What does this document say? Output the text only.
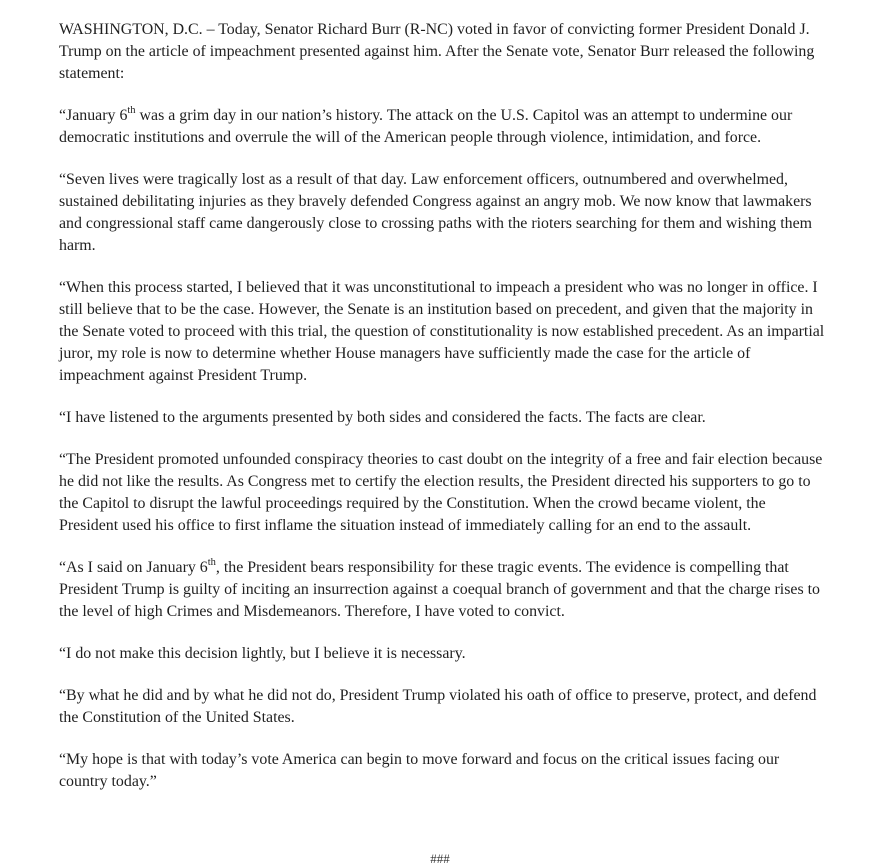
WASHINGTON, D.C. – Today, Senator Richard Burr (R-NC) voted in favor of convicting former President Donald J. Trump on the article of impeachment presented against him. After the Senate vote, Senator Burr released the following statement:

“January 6th was a grim day in our nation’s history. The attack on the U.S. Capitol was an attempt to undermine our democratic institutions and overrule the will of the American people through violence, intimidation, and force.

“Seven lives were tragically lost as a result of that day. Law enforcement officers, outnumbered and overwhelmed, sustained debilitating injuries as they bravely defended Congress against an angry mob. We now know that lawmakers and congressional staff came dangerously close to crossing paths with the rioters searching for them and wishing them harm.

“When this process started, I believed that it was unconstitutional to impeach a president who was no longer in office. I still believe that to be the case. However, the Senate is an institution based on precedent, and given that the majority in the Senate voted to proceed with this trial, the question of constitutionality is now established precedent. As an impartial juror, my role is now to determine whether House managers have sufficiently made the case for the article of impeachment against President Trump.

“I have listened to the arguments presented by both sides and considered the facts. The facts are clear.

“The President promoted unfounded conspiracy theories to cast doubt on the integrity of a free and fair election because he did not like the results. As Congress met to certify the election results, the President directed his supporters to go to the Capitol to disrupt the lawful proceedings required by the Constitution. When the crowd became violent, the President used his office to first inflame the situation instead of immediately calling for an end to the assault.

“As I said on January 6th, the President bears responsibility for these tragic events. The evidence is compelling that President Trump is guilty of inciting an insurrection against a coequal branch of government and that the charge rises to the level of high Crimes and Misdemeanors. Therefore, I have voted to convict.

“I do not make this decision lightly, but I believe it is necessary.

“By what he did and by what he did not do, President Trump violated his oath of office to preserve, protect, and defend the Constitution of the United States.

“My hope is that with today’s vote America can begin to move forward and focus on the critical issues facing our country today.”

###
